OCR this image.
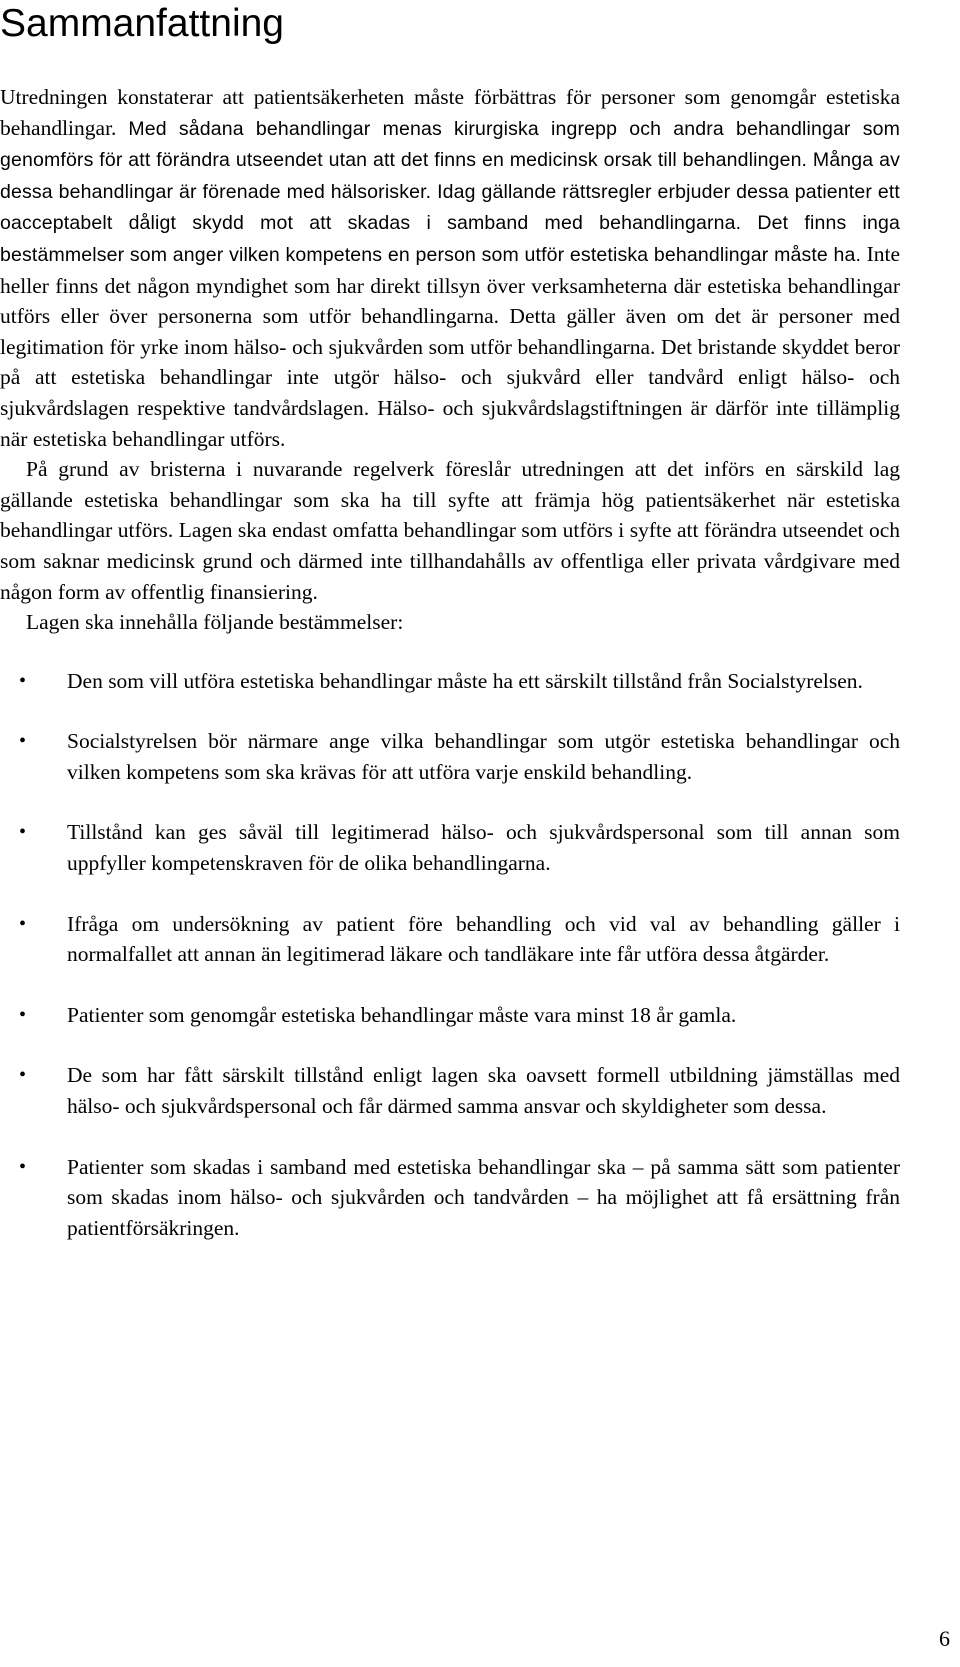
Sammanfattning

Utredningen konstaterar att patientsäkerheten måste förbättras för personer som genomgår estetiska behandlingar. Med sådana behandlingar menas kirurgiska ingrepp och andra behandlingar som genomförs för att förändra utseendet utan att det finns en medicinsk orsak till behandlingen. Många av dessa behandlingar är förenade med hälsorisker. Idag gällande rättsregler erbjuder dessa patienter ett oacceptabelt dåligt skydd mot att skadas i samband med behandlingarna. Det finns inga bestämmelser som anger vilken kompetens en person som utför estetiska behandlingar måste ha. Inte heller finns det någon myndighet som har direkt tillsyn över verksamheterna där estetiska behandlingar utförs eller över personerna som utför behandlingarna. Detta gäller även om det är personer med legitimation för yrke inom hälso- och sjukvården som utför behandlingarna. Det bristande skyddet beror på att estetiska behandlingar inte utgör hälso- och sjukvård eller tandvård enligt hälso- och sjukvårdslagen respektive tandvårdslagen. Hälso- och sjukvårdslagstiftningen är därför inte tillämplig när estetiska behandlingar utförs.

På grund av bristerna i nuvarande regelverk föreslår utredningen att det införs en särskild lag gällande estetiska behandlingar som ska ha till syfte att främja hög patientsäkerhet när estetiska behandlingar utförs. Lagen ska endast omfatta behandlingar som utförs i syfte att förändra utseendet och som saknar medicinsk grund och därmed inte tillhandahålls av offentliga eller privata vårdgivare med någon form av offentlig finansiering.

Lagen ska innehålla följande bestämmelser:

• Den som vill utföra estetiska behandlingar måste ha ett särskilt tillstånd från Socialstyrelsen.
• Socialstyrelsen bör närmare ange vilka behandlingar som utgör estetiska behandlingar och vilken kompetens som ska krävas för att utföra varje enskild behandling.
• Tillstånd kan ges såväl till legitimerad hälso- och sjukvårdspersonal som till annan som uppfyller kompetenskraven för de olika behandlingarna.
• Ifråga om undersökning av patient före behandling och vid val av behandling gäller i normalfallet att annan än legitimerad läkare och tandläkare inte får utföra dessa åtgärder.
• Patienter som genomgår estetiska behandlingar måste vara minst 18 år gamla.
• De som har fått särskilt tillstånd enligt lagen ska oavsett formell utbildning jämställas med hälso- och sjukvårdspersonal och får därmed samma ansvar och skyldigheter som dessa.
• Patienter som skadas i samband med estetiska behandlingar ska – på samma sätt som patienter som skadas inom hälso- och sjukvården och tandvården – ha möjlighet att få ersättning från patientförsäkringen.
6
